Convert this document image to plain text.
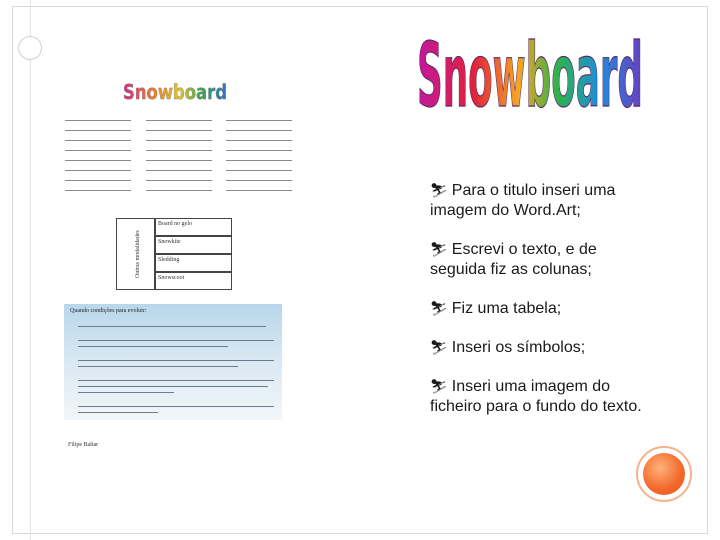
Snowboard
Snowboard
Outras modalidades
Board no gelo
Snowkite
Sledding
Snowscoot
Quando condições para evoluir:
Filipe Baltar
⛷ Para o titulo inseri uma imagem do Word.Art;
⛷ Escrevi o texto, e de seguida fiz as colunas;
⛷ Fiz uma tabela;
⛷ Inseri os símbolos;
⛷ Inseri uma imagem do ficheiro para o fundo do texto.
